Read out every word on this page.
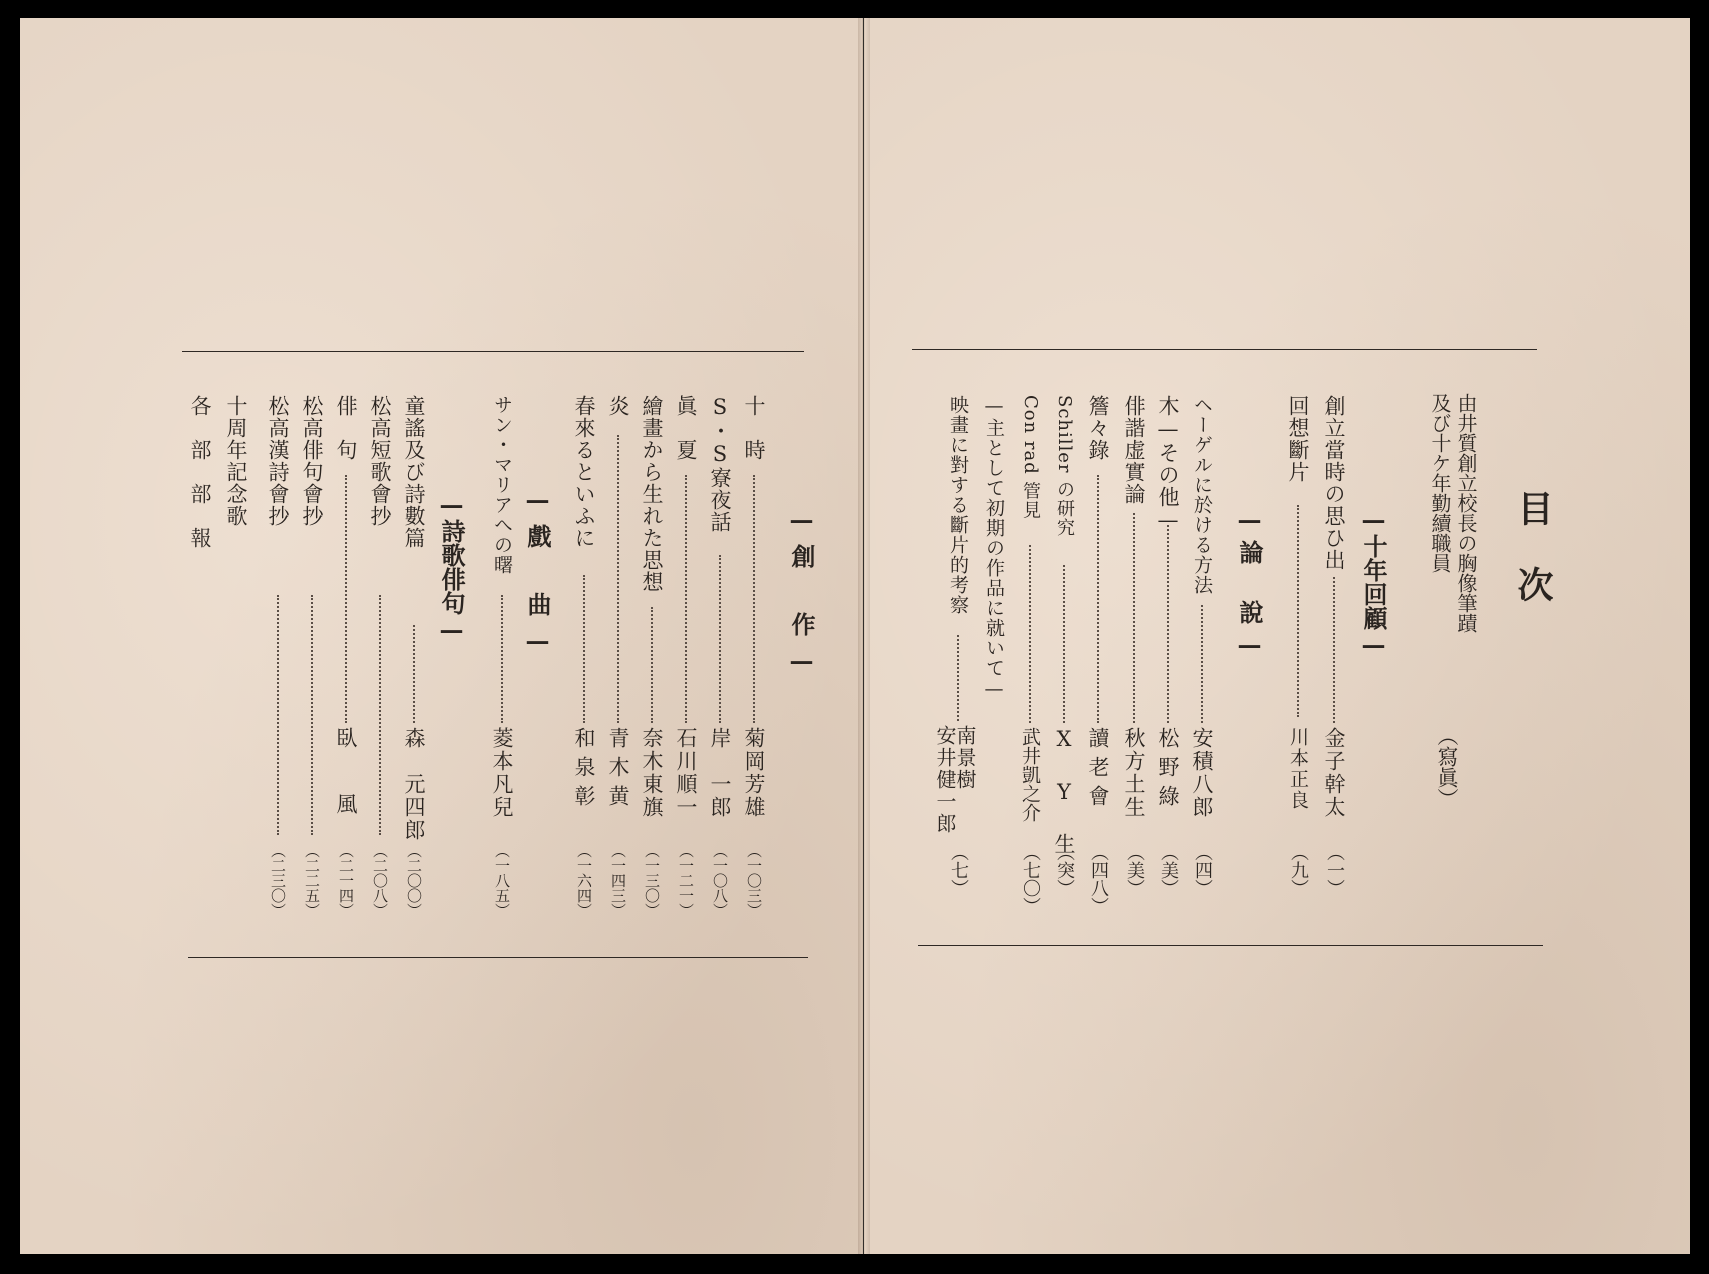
目次
（寫眞）
由井質創立校長の胸像筆蹟
及び十ケ年勤續職員
創立當時の思ひ出
金子幹太
（一）
回想斷片
川本正良
（九）
—十年回顧—
—論　說—
ヘーゲルに於ける方法
安積八郎
（四）
木—その他—
松野綠
（美）
俳諧虚實論
秋方土生
（美）
簷々錄
讀老會
（四八）
Schiller の研究
X　Y　生
（突）
Con rad 管見
武井凱之介
（七〇）
—主として初期の作品に就いて—
映畫に對する斷片的考察
南景樹
安井健一郎
（七）
—創　作—
十　時
菊岡芳雄
（一〇三）
S・S寮夜話
岸　一郎
（一〇八）
眞　夏
石川順一
（一二一）
繪畫から生れた思想
奈木東旗
（一三〇）
炎
青木黄
（一四三）
春來るといふに
和泉彰
（一六四）
—戲　曲—
サン・マリアへの曙
菱本凡兒
（一八五）
—詩歌俳句—
童謠及び詩數篇
森　元四郎
（二〇〇）
松高短歌會抄
（二〇八）
俳　句
臥　風
（二一四）
松高俳句會抄
（二二五）
松高漢詩會抄
（二三〇）
十周年記念歌
各　部　部　報
